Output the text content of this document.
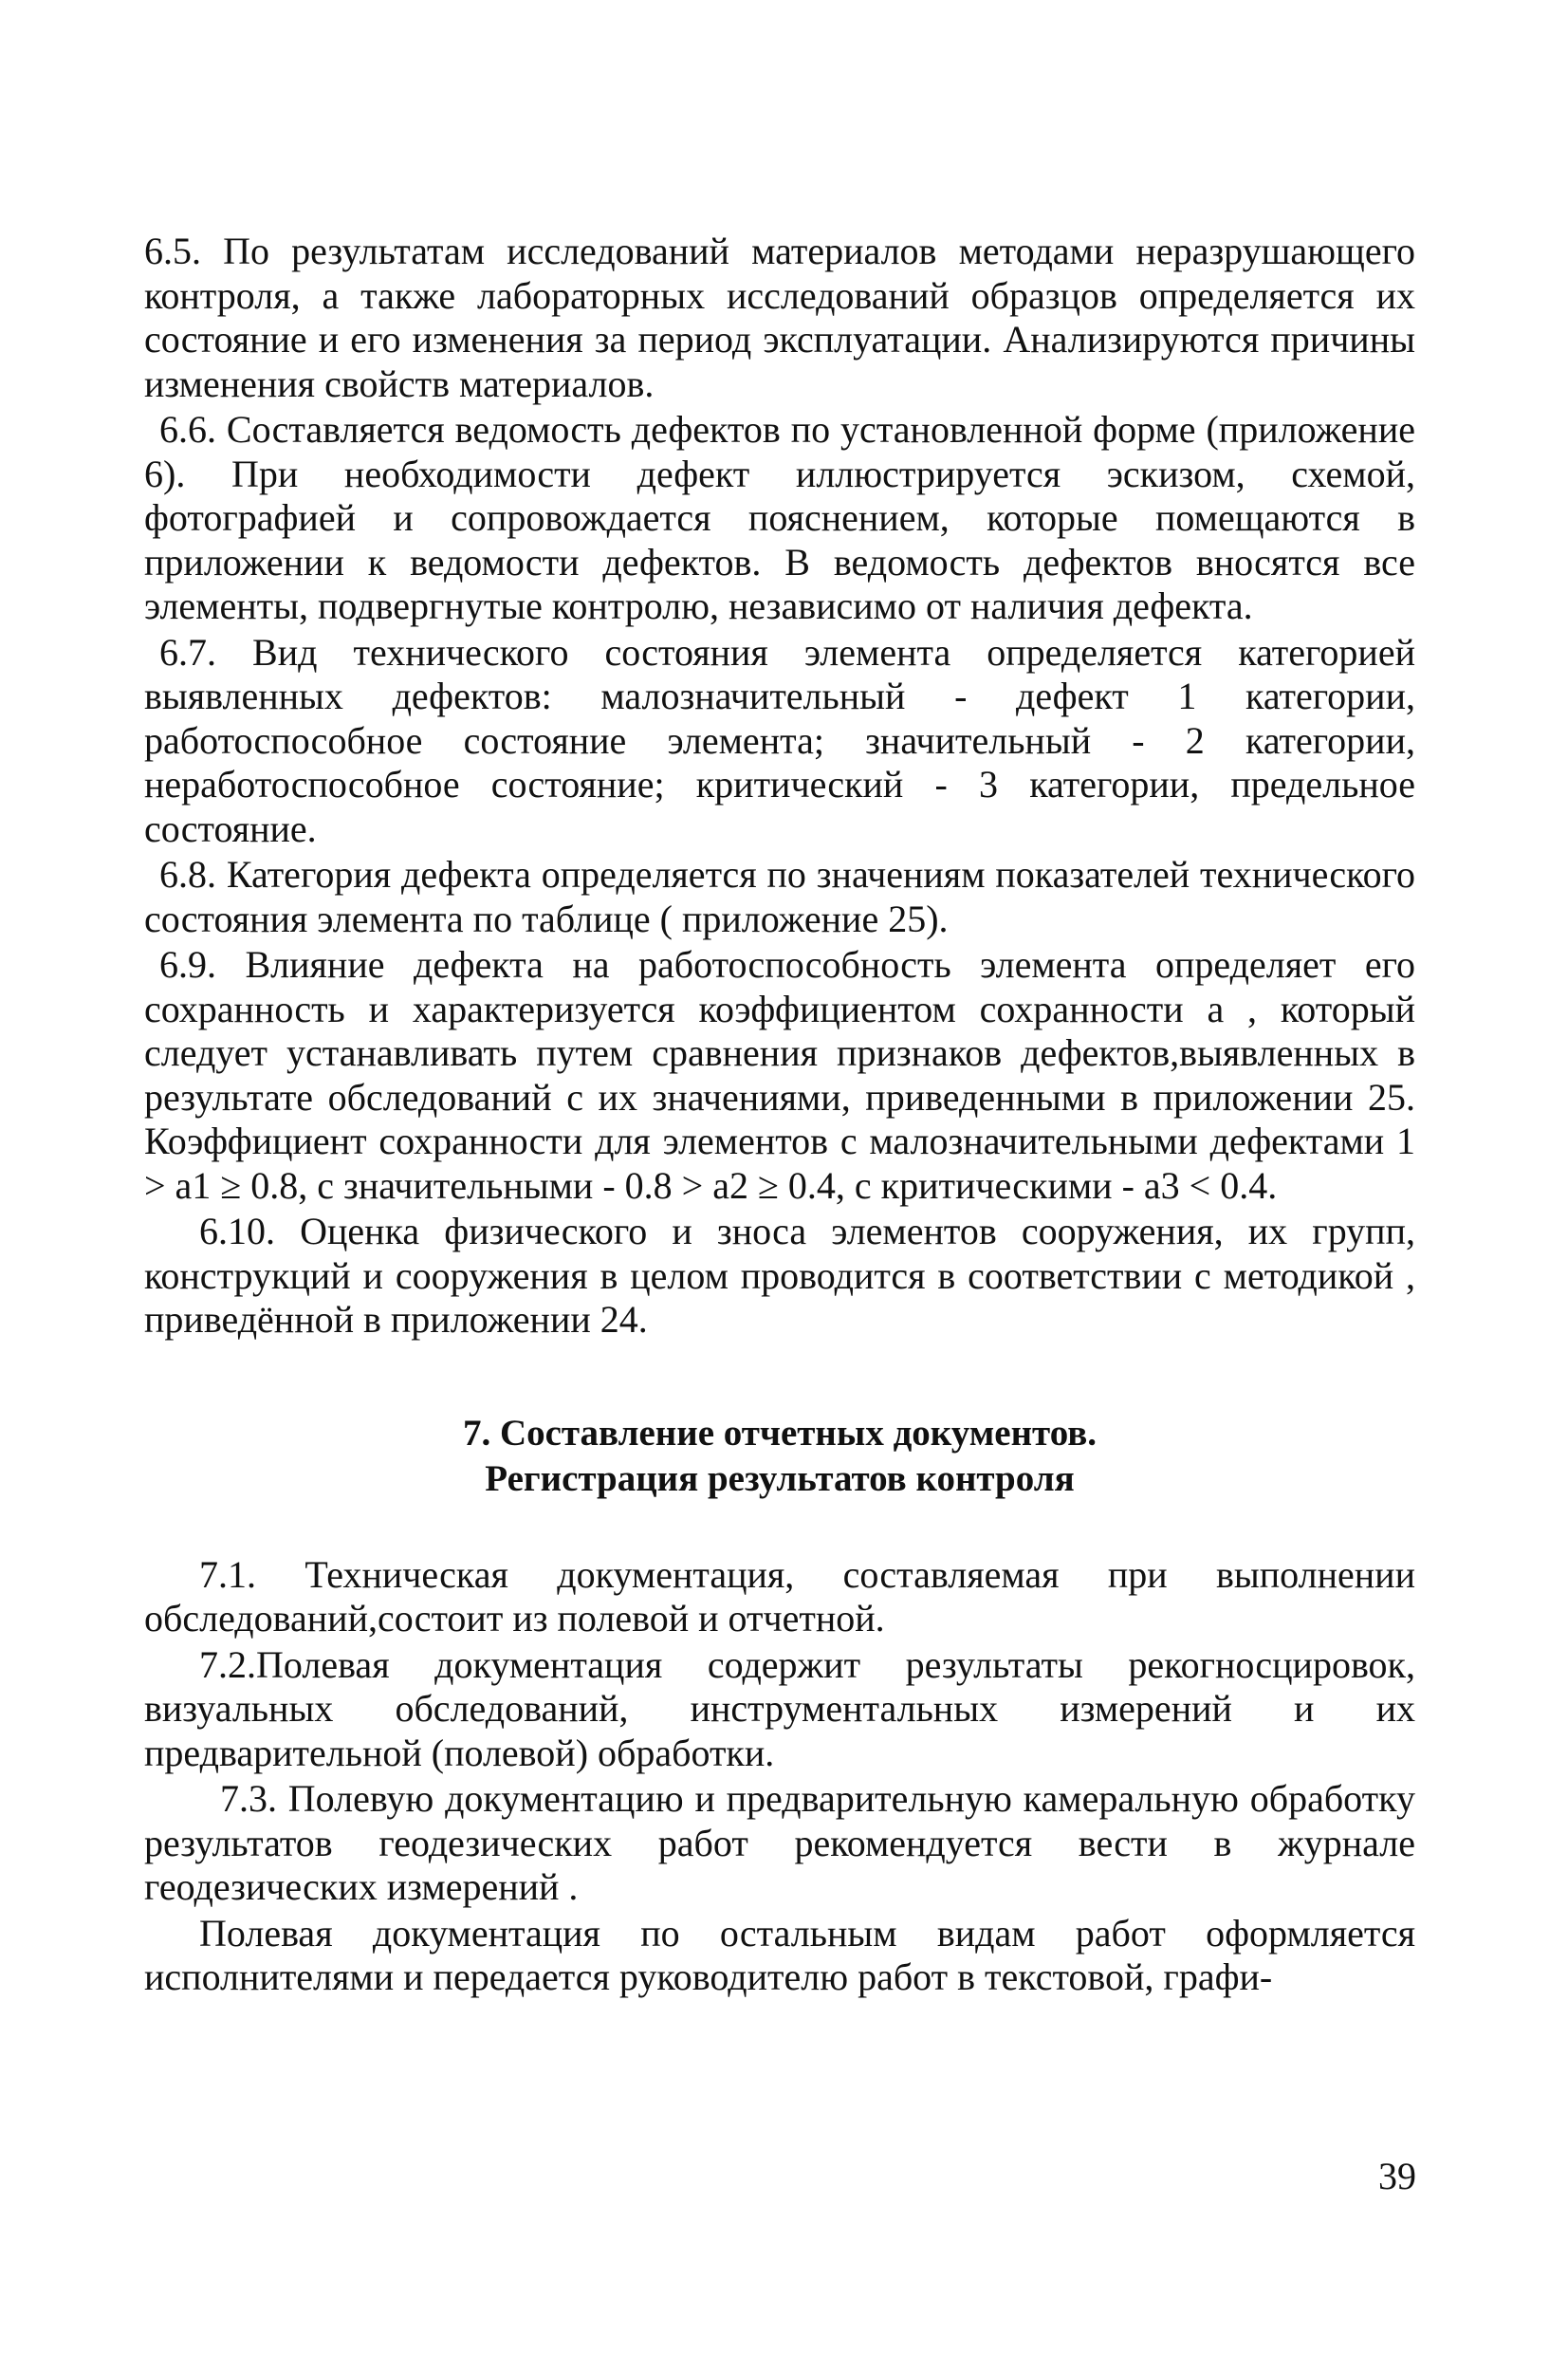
6.5. По результатам исследований материалов методами неразрушающего контроля, а также лабораторных исследований образцов определяется их состояние и его изменения за период эксплуатации. Анализируются причины изменения свойств материалов.

6.6. Составляется ведомость дефектов по установленной форме (приложение 6). При необходимости дефект иллюстрируется эскизом, схемой, фотографией и сопровождается пояснением, которые помещаются в приложении к ведомости дефектов. В ведомость дефектов вносятся все элементы, подвергнутые контролю, независимо от наличия дефекта.

6.7. Вид технического состояния элемента определяется категорией выявленных дефектов: малозначительный - дефект 1 категории, работоспособное состояние элемента; значительный - 2 категории, неработоспособное состояние; критический - 3 категории, предельное состояние.

6.8. Категория дефекта определяется по значениям показателей технического состояния элемента по таблице ( приложение 25).

6.9. Влияние дефекта на работоспособность элемента определяет его сохранность и характеризуется коэффициентом сохранности a , который следует устанавливать путем сравнения признаков дефектов,выявленных в результате обследований с их значениями, приведенными в приложении 25. Коэффициент сохранности для элементов с малозначительными дефектами 1 > a1 ≥ 0.8, с значительными - 0.8 > a2 ≥ 0.4, с критическими - a3 < 0.4.

6.10. Оценка физического и зноса элементов сооружения, их групп, конструкций и сооружения в целом проводится в соответствии с методикой , приведённой в приложении 24.

7. Составление отчетных документов.
Регистрация результатов контроля

7.1. Техническая документация, составляемая при выполнении обследований,состоит из полевой и отчетной.

7.2.Полевая документация содержит результаты рекогносцировок, визуальных обследований, инструментальных измерений и их предварительной (полевой) обработки.

7.3. Полевую документацию и предварительную камеральную обработку результатов геодезических работ рекомендуется вести в журнале геодезических измерений .

Полевая документация по остальным видам работ оформляется исполнителями и передается руководителю работ в текстовой, графи-

39
